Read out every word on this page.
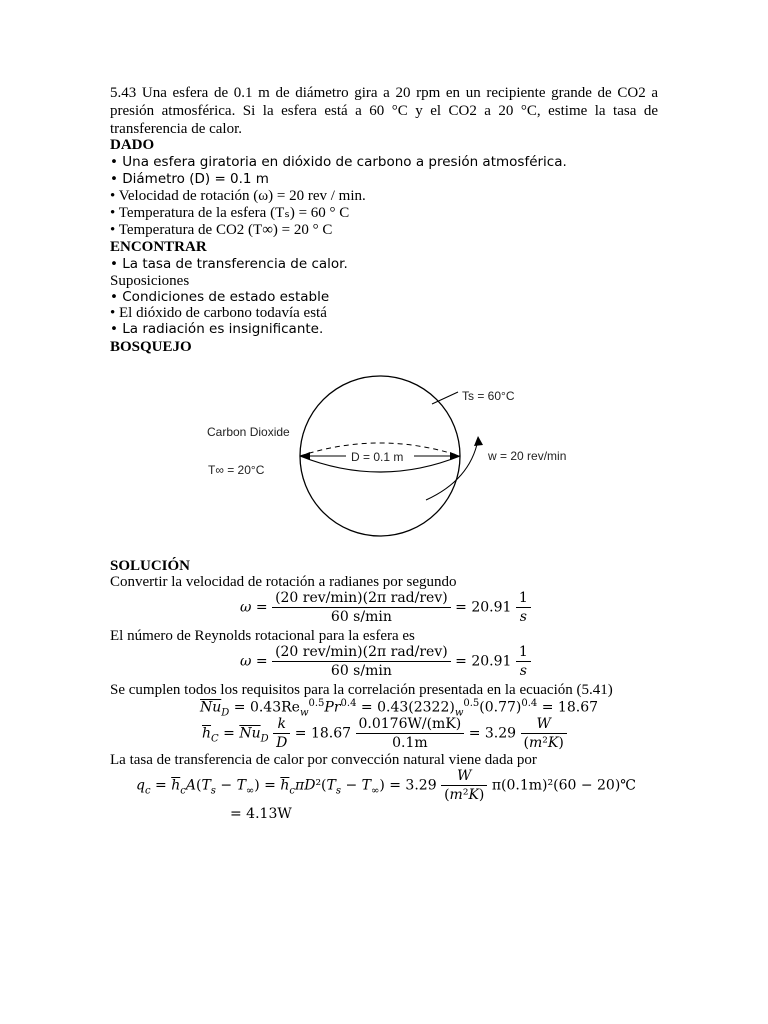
5.43 Una esfera de 0.1 m de diámetro gira a 20 rpm en un recipiente grande de CO2 a presión atmosférica. Si la esfera está a 60 °C y el CO2 a 20 °C, estime la tasa de transferencia de calor.
DADO
• Una esfera giratoria en dióxido de carbono a presión atmosférica.
• Diámetro (D) = 0.1 m
• Velocidad de rotación (ω) = 20 rev / min.
• Temperatura de la esfera (Tₛ) = 60 ° C
• Temperatura de CO2 (T∞) = 20 ° C
ENCONTRAR
• La tasa de transferencia de calor.
Suposiciones
• Condiciones de estado estable
• El dióxido de carbono todavía está
• La radiación es insignificante.
BOSQUEJO
D = 0.1 m
Ts = 60°C
w = 20 rev/min
Carbon Dioxide
T∞ = 20°C
SOLUCIÓN
Convertir la velocidad de rotación a radianes por segundo
$\omega = \frac{\text{(20 rev/min)(2π rad/rev)}}{60 s/\min} = 20.91 \frac{1}{s}$
El número de Reynolds rotacional para la esfera es
$\omega = \frac{\text{(20 rev/min)(2π rad/rev)}}{60 s/\min} = 20.91 \frac{1}{s}$
Se cumplen todos los requisitos para la correlación presentada en la ecuación (5.41)
$\overline{Nu}_D = 0.43Re_w^{0.5}Pr^{0.4} = 0.43(2322)_w^{0.5}(0.77)^{0.4} = 18.67$
$\overline{h}_C = \overline{Nu}_D \frac{k}{D} = 18.67 \frac{0.0176W/(mK)}{0.1m} = 3.29 \frac{W}{\text{(m²K)}}$
La tasa de transferencia de calor por convección natural viene dada por
$q_c = \overline{h}_cA(T_s - T_\infty) = \overline{h}_c\pi D^2(T_s - T_\infty) = 3.29 \frac{W}{\text{(m²K)}} \pi(0.1m)^2(60$ − 20)℃
= 4.13W
